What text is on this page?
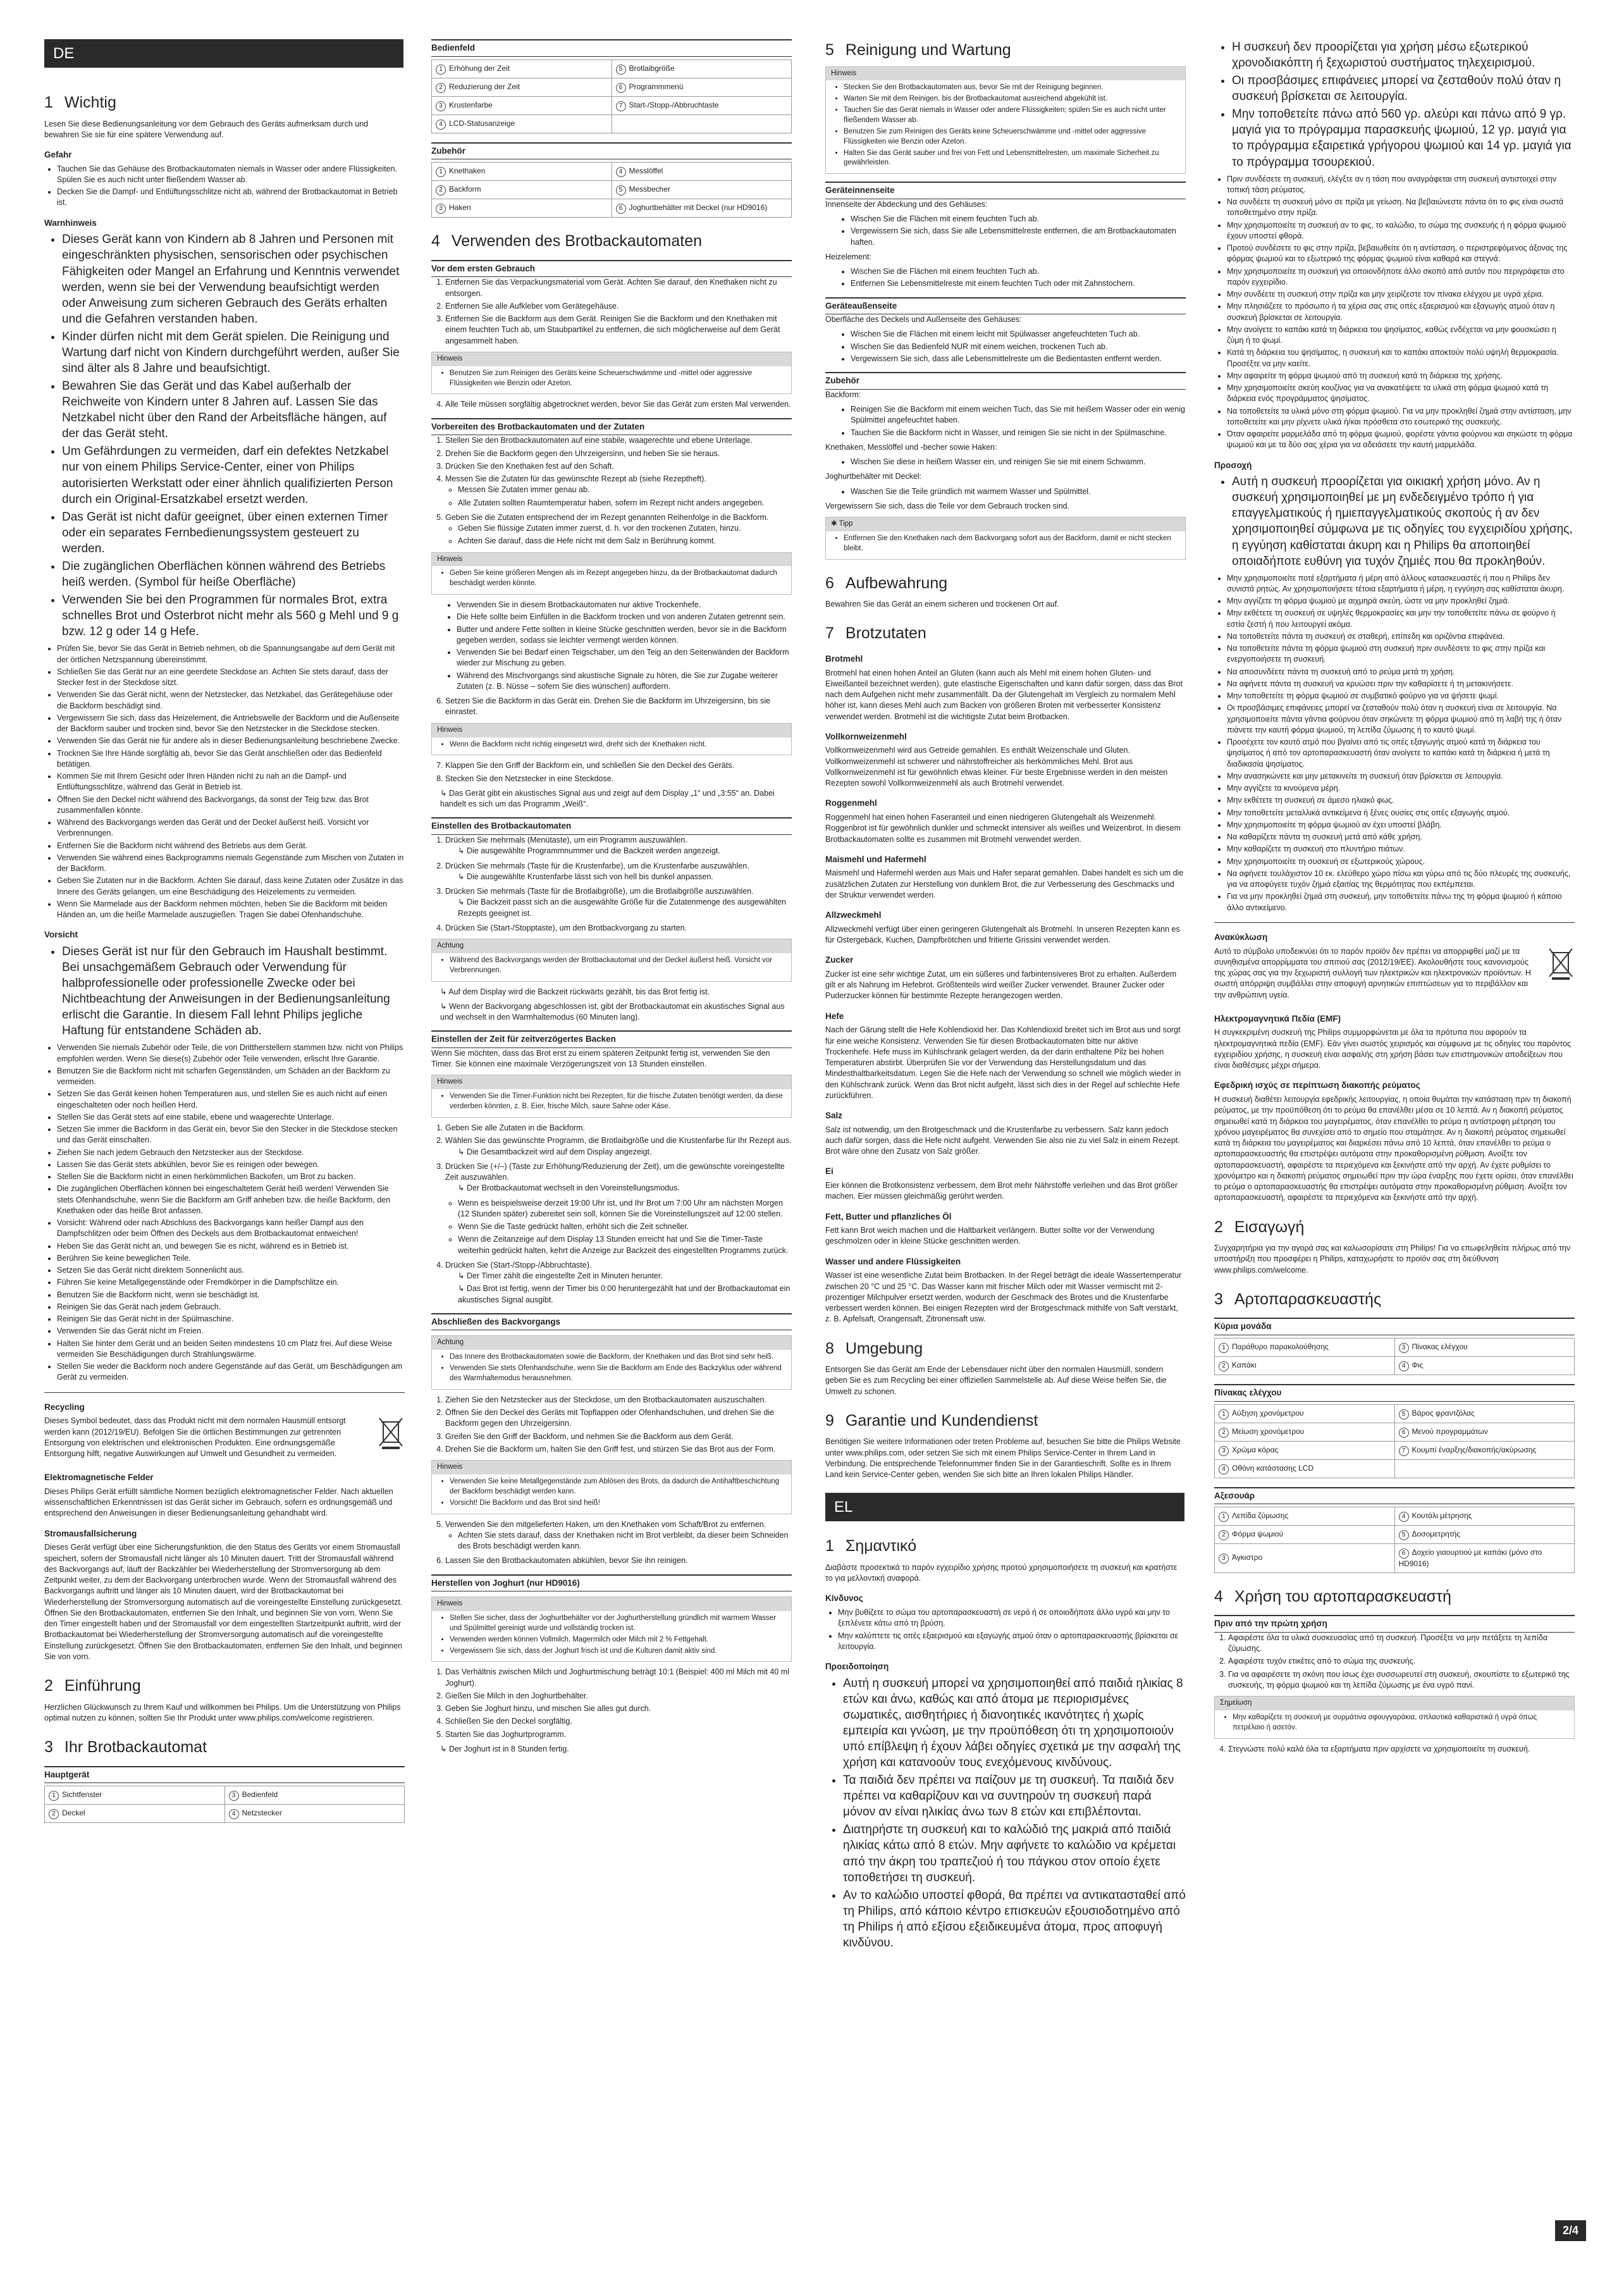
DE
1 Wichtig

Lesen Sie diese Bedienungsanleitung vor dem Gebrauch des Geräts aufmerksam durch und bewahren Sie sie für eine spätere Verwendung auf.

Gefahr
• Tauchen Sie das Gehäuse des Brotbackautomaten niemals in Wasser oder andere Flüssigkeiten. Spülen Sie es auch nicht unter fließendem Wasser ab.
• Decken Sie die Dampf- und Entlüftungsschlitze nicht ab, während der Brotbackautomat in Betrieb ist.
Warnhinweis
• Dieses Gerät kann von Kindern ab 8 Jahren und Personen mit eingeschränkten physischen, sensorischen oder psychischen Fähigkeiten oder Mangel an Erfahrung und Kenntnis verwendet werden, wenn sie bei der Verwendung beaufsichtigt werden oder Anweisung zum sicheren Gebrauch des Geräts erhalten und die Gefahren verstanden haben.
• Kinder dürfen nicht mit dem Gerät spielen. Die Reinigung und Wartung darf nicht von Kindern durchgeführt werden, außer Sie sind älter als 8 Jahre und beaufsichtigt.
• Bewahren Sie das Gerät und das Kabel außerhalb der Reichweite von Kindern unter 8 Jahren auf. Lassen Sie das Netzkabel nicht über den Rand der Arbeitsfläche hängen, auf der das Gerät steht.
• Um Gefährdungen zu vermeiden, darf ein defektes Netzkabel nur von einem Philips Service-Center, einer von Philips autorisierten Werkstatt oder einer ähnlich qualifizierten Person durch ein Original-Ersatzkabel ersetzt werden.
• Das Gerät ist nicht dafür geeignet, über einen externen Timer oder ein separates Fernbedienungssystem gesteuert zu werden.
• Die zugänglichen Oberflächen können während des Betriebs heiß werden. (Symbol für heiße Oberfläche)
• Verwenden Sie bei den Programmen für normales Brot, extra schnelles Brot und Osterbrot nicht mehr als 560 g Mehl und 9 g bzw. 12 g oder 14 g Hefe.
• Prüfen Sie, bevor Sie das Gerät in Betrieb nehmen, ob die Spannungsangabe auf dem Gerät mit der örtlichen Netzspannung übereinstimmt.
• Schließen Sie das Gerät nur an eine geerdete Steckdose an. Achten Sie stets darauf, dass der Stecker fest in der Steckdose sitzt.
• Verwenden Sie das Gerät nicht, wenn der Netzstecker, das Netzkabel, das Gerätegehäuse oder die Backform beschädigt sind.
• Vergewissern Sie sich, dass das Heizelement, die Antriebswelle der Backform und die Außenseite der Backform sauber und trocken sind, bevor Sie den Netzstecker in die Steckdose stecken.
• Verwenden Sie das Gerät nie für andere als in dieser Bedienungsanleitung beschriebene Zwecke.
• Trocknen Sie Ihre Hände sorgfältig ab, bevor Sie das Gerät anschließen oder das Bedienfeld betätigen.
• Kommen Sie mit Ihrem Gesicht oder Ihren Händen nicht zu nah an die Dampf- und Entlüftungsschlitze, während das Gerät in Betrieb ist.
• Öffnen Sie den Deckel nicht während des Backvorgangs, da sonst der Teig bzw. das Brot zusammenfallen könnte.
• Während des Backvorgangs werden das Gerät und der Deckel äußerst heiß. Vorsicht vor Verbrennungen.
• Entfernen Sie die Backform nicht während des Betriebs aus dem Gerät.
• Verwenden Sie während eines Backprogramms niemals Gegenstände zum Mischen von Zutaten in der Backform.
• Geben Sie Zutaten nur in die Backform. Achten Sie darauf, dass keine Zutaten oder Zusätze in das Innere des Geräts gelangen, um eine Beschädigung des Heizelements zu vermeiden.
• Wenn Sie Marmelade aus der Backform nehmen möchten, heben Sie die Backform mit beiden Händen an, um die heiße Marmelade auszugießen. Tragen Sie dabei Ofenhandschuhe.
Vorsicht
• Dieses Gerät ist nur für den Gebrauch im Haushalt bestimmt. Bei unsachgemäßem Gebrauch oder Verwendung für halbprofessionelle oder professionelle Zwecke oder bei Nichtbeachtung der Anweisungen in der Bedienungsanleitung erlischt die Garantie. In diesem Fall lehnt Philips jegliche Haftung für entstandene Schäden ab.
• Verwenden Sie niemals Zubehör oder Teile, die von Drittherstellern stammen bzw. nicht von Philips empfohlen werden. Wenn Sie diese(s) Zubehör oder Teile verwenden, erlischt Ihre Garantie.
• Benutzen Sie die Backform nicht mit scharfen Gegenständen, um Schäden an der Backform zu vermeiden.
• Setzen Sie das Gerät keinen hohen Temperaturen aus, und stellen Sie es auch nicht auf einen eingeschalteten oder noch heißen Herd.
• Stellen Sie das Gerät stets auf eine stabile, ebene und waagerechte Unterlage.
• Setzen Sie immer die Backform in das Gerät ein, bevor Sie den Stecker in die Steckdose stecken und das Gerät einschalten.
• Ziehen Sie nach jedem Gebrauch den Netzstecker aus der Steckdose.
• Lassen Sie das Gerät stets abkühlen, bevor Sie es reinigen oder bewegen.
• Stellen Sie die Backform nicht in einen herkömmlichen Backofen, um Brot zu backen.
• Die zugänglichen Oberflächen können bei eingeschaltetem Gerät heiß werden! Verwenden Sie stets Ofenhandschuhe, wenn Sie die Backform am Griff anheben bzw. die heiße Backform, den Knethaken oder das heiße Brot anfassen.
• Vorsicht: Während oder nach Abschluss des Backvorgangs kann heißer Dampf aus den Dampfschlitzen oder beim Öffnen des Deckels aus dem Brotbackautomat entweichen!
• Heben Sie das Gerät nicht an, und bewegen Sie es nicht, während es in Betrieb ist.
• Berühren Sie keine beweglichen Teile.
• Setzen Sie das Gerät nicht direktem Sonnenlicht aus.
• Führen Sie keine Metallgegenstände oder Fremdkörper in die Dampfschlitze ein.
• Benutzen Sie die Backform nicht, wenn sie beschädigt ist.
• Reinigen Sie das Gerät nach jedem Gebrauch.
• Reinigen Sie das Gerät nicht in der Spülmaschine.
• Verwenden Sie das Gerät nicht im Freien.
• Halten Sie hinter dem Gerät und an beiden Seiten mindestens 10 cm Platz frei. Auf diese Weise vermeiden Sie Beschädigungen durch Strahlungswärme.
• Stellen Sie weder die Backform noch andere Gegenstände auf das Gerät, um Beschädigungen am Gerät zu vermeiden.
Recycling

Dieses Symbol bedeutet, dass das Produkt nicht mit dem normalen Hausmüll entsorgt werden kann (2012/19/EU). Befolgen Sie die örtlichen Bestimmungen zur getrennten Entsorgung von elektrischen und elektronischen Produkten. Eine ordnungsgemäße Entsorgung hilft, negative Auswirkungen auf Umwelt und Gesundheit zu vermeiden.

Elektromagnetische Felder

Dieses Philips Gerät erfüllt sämtliche Normen bezüglich elektromagnetischer Felder. Nach aktuellen wissenschaftlichen Erkenntnissen ist das Gerät sicher im Gebrauch, sofern es ordnungsgemäß und entsprechend den Anweisungen in dieser Bedienungsanleitung gehandhabt wird.

Stromausfallsicherung

Dieses Gerät verfügt über eine Sicherungsfunktion, die den Status des Geräts vor einem Stromausfall speichert, sofern der Stromausfall nicht länger als 10 Minuten dauert. Tritt der Stromausfall während des Backvorgangs auf, läuft der Backzähler bei Wiederherstellung der Stromversorgung ab dem Zeitpunkt weiter, zu dem der Backvorgang unterbrochen wurde. Wenn der Stromausfall während des Backvorgangs auftritt und länger als 10 Minuten dauert, wird der Brotbackautomat bei Wiederherstellung der Stromversorgung automatisch auf die voreingestellte Einstellung zurückgesetzt. Öffnen Sie den Brotbackautomaten, entfernen Sie den Inhalt, und beginnen Sie von vorn. Wenn Sie den Timer eingestellt haben und der Stromausfall vor dem eingestellten Startzeitpunkt auftritt, wird der Brotbackautomat bei Wiederherstellung der Stromversorgung automatisch auf die voreingestellte Einstellung zurückgesetzt. Öffnen Sie den Brotbackautomaten, entfernen Sie den Inhalt, und beginnen Sie von vorn.

2 Einführung

Herzlichen Glückwunsch zu Ihrem Kauf und willkommen bei Philips. Um die Unterstützung von Philips optimal nutzen zu können, sollten Sie Ihr Produkt unter www.philips.com/welcome registrieren.

3 Ihr Brotbackautomat
Hauptgerät
1 Sichtfenster	3 Bedienfeld
2 Deckel	4 Netzstecker
Bedienfeld
1 Erhöhung der Zeit	5 Brotlaibgröße
2 Reduzierung der Zeit	6 Programmmenü
3 Krustenfarbe	7 Start-/Stopp-/Abbruchtaste
4 LCD-Statusanzeige	
Zubehör
1 Knethaken	4 Messlöffel
2 Backform	5 Messbecher
3 Haken	6 Joghurtbehälter mit Deckel (nur HD9016)
4 Verwenden des Brotbackautomaten
Vor dem ersten Gebrauch
1. Entfernen Sie das Verpackungsmaterial vom Gerät. Achten Sie darauf, den Knethaken nicht zu entsorgen.
2. Entfernen Sie alle Aufkleber vom Gerätegehäuse.
3. Entfernen Sie die Backform aus dem Gerät. Reinigen Sie die Backform und den Knethaken mit einem feuchten Tuch ab, um Staubpartikel zu entfernen, die sich möglicherweise auf dem Gerät angesammelt haben.
Hinweis
• Benutzen Sie zum Reinigen des Geräts keine Scheuerschwämme und -mittel oder aggressive Flüssigkeiten wie Benzin oder Azeton.
4. Alle Teile müssen sorgfältig abgetrocknet werden, bevor Sie das Gerät zum ersten Mal verwenden.
Vorbereiten des Brotbackautomaten und der Zutaten
1. Stellen Sie den Brotbackautomaten auf eine stabile, waagerechte und ebene Unterlage.
2. Drehen Sie die Backform gegen den Uhrzeigersinn, und heben Sie sie heraus.
3. Drücken Sie den Knethaken fest auf den Schaft.
4. Messen Sie die Zutaten für das gewünschte Rezept ab (siehe Rezeptheft).
◦ Messen Sie Zutaten immer genau ab.
◦ Alle Zutaten sollten Raumtemperatur haben, sofern im Rezept nicht anders angegeben.
5. Geben Sie die Zutaten entsprechend der im Rezept genannten Reihenfolge in die Backform.
◦ Geben Sie flüssige Zutaten immer zuerst, d. h. vor den trockenen Zutaten, hinzu.
◦ Achten Sie darauf, dass die Hefe nicht mit dem Salz in Berührung kommt.
Hinweis
• Geben Sie keine größeren Mengen als im Rezept angegeben hinzu, da der Brotbackautomat dadurch beschädigt werden könnte.
• Verwenden Sie in diesem Brotbackautomaten nur aktive Trockenhefe.
• Die Hefe sollte beim Einfüllen in die Backform trocken und von anderen Zutaten getrennt sein.
• Butter und andere Fette sollten in kleine Stücke geschnitten werden, bevor sie in die Backform gegeben werden, sodass sie leichter vermengt werden können.
• Verwenden Sie bei Bedarf einen Teigschaber, um den Teig an den Seitenwänden der Backform wieder zur Mischung zu geben.
• Während des Mischvorgangs sind akustische Signale zu hören, die Sie zur Zugabe weiterer Zutaten (z. B. Nüsse – sofern Sie dies wünschen) auffordern.
6. Setzen Sie die Backform in das Gerät ein. Drehen Sie die Backform im Uhrzeigersinn, bis sie einrastet.
Hinweis
• Wenn die Backform nicht richtig eingesetzt wird, dreht sich der Knethaken nicht.
7. Klappen Sie den Griff der Backform ein, und schließen Sie den Deckel des Geräts.
8. Stecken Sie den Netzstecker in eine Steckdose.

↳ Das Gerät gibt ein akustisches Signal aus und zeigt auf dem Display „1“ und „3:55“ an. Dabei handelt es sich um das Programm „Weiß“.

Einstellen des Brotbackautomaten
1. Drücken Sie mehrmals (Menütaste), um ein Programm auszuwählen.
↳ Die ausgewählte Programmnummer und die Backzeit werden angezeigt.
2. Drücken Sie mehrmals (Taste für die Krustenfarbe), um die Krustenfarbe auszuwählen.
↳ Die ausgewählte Krustenfarbe lässt sich von hell bis dunkel anpassen.
3. Drücken Sie mehrmals (Taste für die Brotlaibgröße), um die Brotlaibgröße auszuwählen.
↳ Die Backzeit passt sich an die ausgewählte Größe für die Zutatenmenge des ausgewählten Rezepts geeignet ist.
4. Drücken Sie (Start-/Stopptaste), um den Brotbackvorgang zu starten.
Achtung
• Während des Backvorgangs werden der Brotbackautomat und der Deckel äußerst heiß. Vorsicht vor Verbrennungen.

↳ Auf dem Display wird die Backzeit rückwärts gezählt, bis das Brot fertig ist.

↳ Wenn der Backvorgang abgeschlossen ist, gibt der Brotbackautomat ein akustisches Signal aus und wechselt in den Warmhaltemodus (60 Minuten lang).

Einstellen der Zeit für zeitverzögertes Backen

Wenn Sie möchten, dass das Brot erst zu einem späteren Zeitpunkt fertig ist, verwenden Sie den Timer. Sie können eine maximale Verzögerungszeit von 13 Stunden einstellen.

Hinweis
• Verwenden Sie die Timer-Funktion nicht bei Rezepten, für die frische Zutaten benötigt werden, da diese verderben könnten, z. B. Eier, frische Milch, saure Sahne oder Käse.
1. Geben Sie alle Zutaten in die Backform.
2. Wählen Sie das gewünschte Programm, die Brotlaibgröße und die Krustenfarbe für Ihr Rezept aus.
↳ Die Gesamtbackzeit wird auf dem Display angezeigt.
3. Drücken Sie (+/–) (Taste zur Erhöhung/Reduzierung der Zeit), um die gewünschte voreingestellte Zeit auszuwählen.
↳ Der Brotbackautomat wechselt in den Voreinstellungsmodus.
◦ Wenn es beispielsweise derzeit 19:00 Uhr ist, und Ihr Brot um 7:00 Uhr am nächsten Morgen (12 Stunden später) zubereitet sein soll, können Sie die Voreinstellungszeit auf 12:00 stellen.
◦ Wenn Sie die Taste gedrückt halten, erhöht sich die Zeit schneller.
◦ Wenn die Zeitanzeige auf dem Display 13 Stunden erreicht hat und Sie die Timer-Taste weiterhin gedrückt halten, kehrt die Anzeige zur Backzeit des eingestellten Programms zurück.
4. Drücken Sie (Start-/Stopp-/Abbruchtaste).
↳ Der Timer zählt die eingestellte Zeit in Minuten herunter.
↳ Das Brot ist fertig, wenn der Timer bis 0:00 heruntergezählt hat und der Brotbackautomat ein akustisches Signal ausgibt.
Abschließen des Backvorgangs
Achtung
• Das Innere des Brotbackautomaten sowie die Backform, der Knethaken und das Brot sind sehr heiß.
• Verwenden Sie stets Ofenhandschuhe, wenn Sie die Backform am Ende des Backzyklus oder während des Warmhaltemodus herausnehmen.
1. Ziehen Sie den Netzstecker aus der Steckdose, um den Brotbackautomaten auszuschalten.
2. Öffnen Sie den Deckel des Geräts mit Topflappen oder Ofenhandschuhen, und drehen Sie die Backform gegen den Uhrzeigersinn.
3. Greifen Sie den Griff der Backform, und nehmen Sie die Backform aus dem Gerät.
4. Drehen Sie die Backform um, halten Sie den Griff fest, und stürzen Sie das Brot aus der Form.
Hinweis
• Verwenden Sie keine Metallgegenstände zum Ablösen des Brots, da dadurch die Antihaftbeschichtung der Backform beschädigt werden kann.
• Vorsicht! Die Backform und das Brot sind heiß!
5. Verwenden Sie den mitgelieferten Haken, um den Knethaken vom Schaft/Brot zu entfernen.
◦ Achten Sie stets darauf, dass der Knethaken nicht im Brot verbleibt, da dieser beim Schneiden des Brots beschädigt werden kann.
6. Lassen Sie den Brotbackautomaten abkühlen, bevor Sie ihn reinigen.
Herstellen von Joghurt (nur HD9016)
Hinweis
• Stellen Sie sicher, dass der Joghurtbehälter vor der Joghurtherstellung gründlich mit warmem Wasser und Spülmittel gereinigt wurde und vollständig trocken ist.
• Verwenden werden können Vollmilch, Magermilch oder Milch mit 2 % Fettgehalt.
• Vergewissern Sie sich, dass der Joghurt frisch ist und die Kulturen damit aktiv sind.
1. Das Verhältnis zwischen Milch und Joghurtmischung beträgt 10:1 (Beispiel: 400 ml Milch mit 40 ml Joghurt).
2. Gießen Sie Milch in den Joghurtbehälter.
3. Geben Sie Joghurt hinzu, und mischen Sie alles gut durch.
4. Schließen Sie den Deckel sorgfältig.
5. Starten Sie das Joghurtprogramm.

↳ Der Joghurt ist in 8 Stunden fertig.

5 Reinigung und Wartung
Hinweis
• Stecken Sie den Brotbackautomaten aus, bevor Sie mit der Reinigung beginnen.
• Warten Sie mit dem Reinigen, bis der Brotbackautomat ausreichend abgekühlt ist.
• Tauchen Sie das Gerät niemals in Wasser oder andere Flüssigkeiten; spülen Sie es auch nicht unter fließendem Wasser ab.
• Benutzen Sie zum Reinigen des Geräts keine Scheuerschwämme und -mittel oder aggressive Flüssigkeiten wie Benzin oder Azeton.
• Halten Sie das Gerät sauber und frei von Fett und Lebensmittelresten, um maximale Sicherheit zu gewährleisten.
Geräteinnenseite

Innenseite der Abdeckung und des Gehäuses:

• Wischen Sie die Flächen mit einem feuchten Tuch ab.
• Vergewissern Sie sich, dass Sie alle Lebensmittelreste entfernen, die am Brotbackautomaten haften.

Heizelement:

• Wischen Sie die Flächen mit einem feuchten Tuch ab.
• Entfernen Sie Lebensmittelreste mit einem feuchten Tuch oder mit Zahnstochern.
Geräteaußenseite

Oberfläche des Deckels und Außenseite des Gehäuses:

• Wischen Sie die Flächen mit einem leicht mit Spülwasser angefeuchteten Tuch ab.
• Wischen Sie das Bedienfeld NUR mit einem weichen, trockenen Tuch ab.
• Vergewissern Sie sich, dass alle Lebensmittelreste um die Bedientasten entfernt werden.
Zubehör

Backform:

• Reinigen Sie die Backform mit einem weichen Tuch, das Sie mit heißem Wasser oder ein wenig Spülmittel angefeuchtet haben.
• Tauchen Sie die Backform nicht in Wasser, und reinigen Sie sie nicht in der Spülmaschine.

Knethaken, Messlöffel und -becher sowie Haken:

• Wischen Sie diese in heißem Wasser ein, und reinigen Sie sie mit einem Schwamm.

Joghurtbehälter mit Deckel:

• Waschen Sie die Teile gründlich mit warmem Wasser und Spülmittel.

Vergewissern Sie sich, dass die Teile vor dem Gebrauch trocken sind.

✱ Tipp
• Entfernen Sie den Knethaken nach dem Backvorgang sofort aus der Backform, damit er nicht stecken bleibt.
6 Aufbewahrung

Bewahren Sie das Gerät an einem sicheren und trockenen Ort auf.

7 Brotzutaten
Brotmehl

Brotmehl hat einen hohen Anteil an Gluten (kann auch als Mehl mit einem hohen Gluten- und Eiweißanteil bezeichnet werden), gute elastische Eigenschaften und kann dafür sorgen, dass das Brot nach dem Aufgehen nicht mehr zusammenfällt. Da der Glutengehalt im Vergleich zu normalem Mehl höher ist, kann dieses Mehl auch zum Backen von größeren Broten mit verbesserter Konsistenz verwendet werden. Brotmehl ist die wichtigste Zutat beim Brotbacken.

Vollkornweizenmehl

Vollkornweizenmehl wird aus Getreide gemahlen. Es enthält Weizenschale und Gluten. Vollkornweizenmehl ist schwerer und nährstoffreicher als herkömmliches Mehl. Brot aus Vollkornweizenmehl ist für gewöhnlich etwas kleiner. Für beste Ergebnisse werden in den meisten Rezepten sowohl Vollkornweizenmehl als auch Brotmehl verwendet.

Roggenmehl

Roggenmehl hat einen hohen Faseranteil und einen niedrigeren Glutengehalt als Weizenmehl. Roggenbrot ist für gewöhnlich dunkler und schmeckt intensiver als weißes und Weizenbrot. In diesem Brotbackautomaten sollte es zusammen mit Brotmehl verwendet werden.

Maismehl und Hafermehl

Maismehl und Hafermehl werden aus Mais und Hafer separat gemahlen. Dabei handelt es sich um die zusätzlichen Zutaten zur Herstellung von dunklem Brot, die zur Verbesserung des Geschmacks und der Struktur verwendet werden.

Allzweckmehl

Allzweckmehl verfügt über einen geringeren Glutengehalt als Brotmehl. In unseren Rezepten kann es für Ostergebäck, Kuchen, Dampfbrötchen und fritierte Grissini verwendet werden.

Zucker

Zucker ist eine sehr wichtige Zutat, um ein süßeres und farbintensiveres Brot zu erhalten. Außerdem gilt er als Nahrung im Hefebrot. Größtenteils wird weißer Zucker verwendet. Brauner Zucker oder Puderzucker können für bestimmte Rezepte herangezogen werden.

Hefe

Nach der Gärung stellt die Hefe Kohlendioxid her. Das Kohlendioxid breitet sich im Brot aus und sorgt für eine weiche Konsistenz. Verwenden Sie für diesen Brotbackautomaten bitte nur aktive Trockenhefe. Hefe muss im Kühlschrank gelagert werden, da der darin enthaltene Pilz bei hohen Temperaturen abstirbt. Überprüfen Sie vor der Verwendung das Herstellungsdatum und das Mindesthaltbarkeitsdatum. Legen Sie die Hefe nach der Verwendung so schnell wie möglich wieder in den Kühlschrank zurück. Wenn das Brot nicht aufgeht, lässt sich dies in der Regel auf schlechte Hefe zurückführen.

Salz

Salz ist notwendig, um den Brotgeschmack und die Krustenfarbe zu verbessern. Salz kann jedoch auch dafür sorgen, dass die Hefe nicht aufgeht. Verwenden Sie also nie zu viel Salz in einem Rezept. Brot wäre ohne den Zusatz von Salz größer.

Ei

Eier können die Brotkonsistenz verbessern, dem Brot mehr Nährstoffe verleihen und das Brot größer machen. Eier müssen gleichmäßig gerührt werden.

Fett, Butter und pflanzliches Öl

Fett kann Brot weich machen und die Haltbarkeit verlängern. Butter sollte vor der Verwendung geschmolzen oder in kleine Stücke geschnitten werden.

Wasser und andere Flüssigkeiten

Wasser ist eine wesentliche Zutat beim Brotbacken. In der Regel beträgt die ideale Wassertemperatur zwischen 20 °C und 25 °C. Das Wasser kann mit frischer Milch oder mit Wasser vermischt mit 2-prozentiger Milchpulver ersetzt werden, wodurch der Geschmack des Brotes und die Krustenfarbe verbessert werden können. Bei einigen Rezepten wird der Brotgeschmack mithilfe von Saft verstärkt, z. B. Apfelsaft, Orangensaft, Zitronensaft usw.

8 Umgebung

Entsorgen Sie das Gerät am Ende der Lebensdauer nicht über den normalen Hausmüll, sondern geben Sie es zum Recycling bei einer offiziellen Sammelstelle ab. Auf diese Weise helfen Sie, die Umwelt zu schonen.

9 Garantie und Kundendienst

Benötigen Sie weitere Informationen oder treten Probleme auf, besuchen Sie bitte die Philips Website unter www.philips.com, oder setzen Sie sich mit einem Philips Service-Center in Ihrem Land in Verbindung. Die entsprechende Telefonnummer finden Sie in der Garantieschrift. Sollte es in Ihrem Land kein Service-Center geben, wenden Sie sich bitte an Ihren lokalen Philips Händler.

EL
1 Σημαντικό

Διαβάστε προσεκτικά το παρόν εγχειρίδιο χρήσης προτού χρησιμοποιήσετε τη συσκευή και κρατήστε το για μελλοντική αναφορά.

Κίνδυνος
• Μην βυθίζετε το σώμα του αρτοπαρασκευαστή σε νερό ή σε οποιοδήποτε άλλο υγρό και μην το ξεπλένετε κάτω από τη βρύση.
• Μην καλύπτετε τις οπές εξαερισμού και εξαγωγής ατμού όταν ο αρτοπαρασκευαστής βρίσκεται σε λειτουργία.
Προειδοποίηση
• Αυτή η συσκευή μπορεί να χρησιμοποιηθεί από παιδιά ηλικίας 8 ετών και άνω, καθώς και από άτομα με περιορισμένες σωματικές, αισθητήριες ή διανοητικές ικανότητες ή χωρίς εμπειρία και γνώση, με την προϋπόθεση ότι τη χρησιμοποιούν υπό επίβλεψη ή έχουν λάβει οδηγίες σχετικά με την ασφαλή της χρήση και κατανοούν τους ενεχόμενους κινδύνους.
• Τα παιδιά δεν πρέπει να παίζουν με τη συσκευή. Τα παιδιά δεν πρέπει να καθαρίζουν και να συντηρούν τη συσκευή παρά μόνον αν είναι ηλικίας άνω των 8 ετών και επιβλέπονται.
• Διατηρήστε τη συσκευή και το καλώδιό της μακριά από παιδιά ηλικίας κάτω από 8 ετών. Μην αφήνετε το καλώδιο να κρέμεται από την άκρη του τραπεζιού ή του πάγκου στον οποίο έχετε τοποθετήσει τη συσκευή.
• Αν το καλώδιο υποστεί φθορά, θα πρέπει να αντικατασταθεί από τη Philips, από κάποιο κέντρο επισκευών εξουσιοδοτημένο από τη Philips ή από εξίσου εξειδικευμένα άτομα, προς αποφυγή κινδύνου.
• Η συσκευή δεν προορίζεται για χρήση μέσω εξωτερικού χρονοδιακόπτη ή ξεχωριστού συστήματος τηλεχειρισμού.
• Οι προσβάσιμες επιφάνειες μπορεί να ζεσταθούν πολύ όταν η συσκευή βρίσκεται σε λειτουργία.
• Μην τοποθετείτε πάνω από 560 γρ. αλεύρι και πάνω από 9 γρ. μαγιά για το πρόγραμμα παρασκευής ψωμιού, 12 γρ. μαγιά για το πρόγραμμα εξαιρετικά γρήγορου ψωμιού και 14 γρ. μαγιά για το πρόγραμμα τσουρεκιού.
• Πριν συνδέσετε τη συσκευή, ελέγξτε αν η τάση που αναγράφεται στη συσκευή αντιστοιχεί στην τοπική τάση ρεύματος.
• Να συνδέετε τη συσκευή μόνο σε πρίζα με γείωση. Να βεβαιώνεστε πάντα ότι το φις είναι σωστά τοποθετημένο στην πρίζα.
• Μην χρησιμοποιείτε τη συσκευή αν το φις, το καλώδιο, το σώμα της συσκευής ή η φόρμα ψωμιού έχουν υποστεί φθορά.
• Προτού συνδέσετε το φις στην πρίζα, βεβαιωθείτε ότι η αντίσταση, ο περιστρεφόμενος άξονας της φόρμας ψωμιού και το εξωτερικό της φόρμας ψωμιού είναι καθαρά και στεγνά.
• Μην χρησιμοποιείτε τη συσκευή για οποιονδήποτε άλλο σκοπό από αυτόν που περιγράφεται στο παρόν εγχειρίδιο.
• Μην συνδέετε τη συσκευή στην πρίζα και μην χειρίζεστε τον πίνακα ελέγχου με υγρά χέρια.
• Μην πλησιάζετε το πρόσωπο ή τα χέρια σας στις οπές εξαερισμού και εξαγωγής ατμού όταν η συσκευή βρίσκεται σε λειτουργία.
• Μην ανοίγετε το καπάκι κατά τη διάρκεια του ψησίματος, καθώς ενδέχεται να μην φουσκώσει η ζύμη ή το ψωμί.
• Κατά τη διάρκεια του ψησίματος, η συσκευή και το καπάκι αποκτούν πολύ υψηλή θερμοκρασία. Προσέξτε να μην καείτε.
• Μην αφαιρείτε τη φόρμα ψωμιού από τη συσκευή κατά τη διάρκεια της χρήσης.
• Μην χρησιμοποιείτε σκεύη κουζίνας για να ανακατέψετε τα υλικά στη φόρμα ψωμιού κατά τη διάρκεια ενός προγράμματος ψησίματος.
• Να τοποθετείτε τα υλικά μόνο στη φόρμα ψωμιού. Για να μην προκληθεί ζημιά στην αντίσταση, μην τοποθετείτε και μην ρίχνετε υλικά ή/και πρόσθετα στο εσωτερικό της συσκευής.
• Όταν αφαιρείτε μαρμελάδα από τη φόρμα ψωμιού, φορέστε γάντια φούρνου και σηκώστε τη φόρμα ψωμιού και με τα δύο σας χέρια για να αδειάσετε την καυτή μαρμελάδα.
Προσοχή
• Αυτή η συσκευή προορίζεται για οικιακή χρήση μόνο. Αν η συσκευή χρησιμοποιηθεί με μη ενδεδειγμένο τρόπο ή για επαγγελματικούς ή ημιεπαγγελματικούς σκοπούς ή αν δεν χρησιμοποιηθεί σύμφωνα με τις οδηγίες του εγχειριδίου χρήσης, η εγγύηση καθίσταται άκυρη και η Philips θα αποποιηθεί οποιαδήποτε ευθύνη για τυχόν ζημιές που θα προκληθούν.
• Μην χρησιμοποιείτε ποτέ εξαρτήματα ή μέρη από άλλους κατασκευαστές ή που η Philips δεν συνιστά ρητώς. Αν χρησιμοποιήσετε τέτοια εξαρτήματα ή μέρη, η εγγύηση σας καθίσταται άκυρη.
• Μην αγγίζετε τη φόρμα ψωμιού με αιχμηρά σκεύη, ώστε να μην προκληθεί ζημιά.
• Μην εκθέτετε τη συσκευή σε υψηλές θερμοκρασίες και μην την τοποθετείτε πάνω σε φούρνο ή εστία ζεστή ή που λειτουργεί ακόμα.
• Να τοποθετείτε πάντα τη συσκευή σε σταθερή, επίπεδη και οριζόντια επιφάνεια.
• Να τοποθετείτε πάντα τη φόρμα ψωμιού στη συσκευή πριν συνδέσετε το φις στην πρίζα και ενεργοποιήσετε τη συσκευή.
• Να αποσυνδέετε πάντα τη συσκευή από το ρεύμα μετά τη χρήση.
• Να αφήνετε πάντα τη συσκευή να κρυώσει πριν την καθαρίσετε ή τη μετακινήσετε.
• Μην τοποθετείτε τη φόρμα ψωμιού σε συμβατικό φούρνο για να ψήσετε ψωμί.
• Οι προσβάσιμες επιφάνειες μπορεί να ζεσταθούν πολύ όταν η συσκευή είναι σε λειτουργία. Να χρησιμοποιείτε πάντα γάντια φούρνου όταν σηκώνετε τη φόρμα ψωμιού από τη λαβή της ή όταν πιάνετε την καυτή φόρμα ψωμιού, τη λεπίδα ζύμωσης ή το καυτό ψωμί.
• Προσέχετε τον καυτό ατμό που βγαίνει από τις οπές εξαγωγής ατμού κατά τη διάρκεια του ψησίματος ή από τον αρτοπαρασκευαστή όταν ανοίγετε το καπάκι κατά τη διάρκεια ή μετά τη διαδικασία ψησίματος.
• Μην ανασηκώνετε και μην μετακινείτε τη συσκευή όταν βρίσκεται σε λειτουργία.
• Μην αγγίζετε τα κινούμενα μέρη.
• Μην εκθέτετε τη συσκευή σε άμεσο ηλιακό φως.
• Μην τοποθετείτε μεταλλικά αντικείμενα ή ξένες ουσίες στις οπές εξαγωγής ατμού.
• Μην χρησιμοποιείτε τη φόρμα ψωμιού αν έχει υποστεί βλάβη.
• Να καθαρίζετε πάντα τη συσκευή μετά από κάθε χρήση.
• Μην καθαρίζετε τη συσκευή στο πλυντήριο πιάτων.
• Μην χρησιμοποιείτε τη συσκευή σε εξωτερικούς χώρους.
• Να αφήνετε τουλάχιστον 10 εκ. ελεύθερο χώρο πίσω και γύρω από τις δύο πλευρές της συσκευής, για να αποφύγετε τυχόν ζημιά εξαιτίας της θερμότητας που εκπέμπεται.
• Για να μην προκληθεί ζημιά στη συσκευή, μην τοποθετείτε πάνω της τη φόρμα ψωμιού ή κάποιο άλλο αντικείμενο.
Ανακύκλωση

Αυτό το σύμβολο υποδεικνύει ότι το παρόν προϊόν δεν πρέπει να απορριφθεί μαζί με τα συνηθισμένα απορρίμματα του σπιτιού σας (2012/19/ΕΕ). Ακολουθήστε τους κανονισμούς της χώρας σας για την ξεχωριστή συλλογή των ηλεκτρικών και ηλεκτρονικών προϊόντων. Η σωστή απόρριψη συμβάλλει στην αποφυγή αρνητικών επιπτώσεων για το περιβάλλον και την ανθρώπινη υγεία.

Ηλεκτρομαγνητικά Πεδία (EMF)

Η συγκεκριμένη συσκευή της Philips συμμορφώνεται με όλα τα πρότυπα που αφορούν τα ηλεκτρομαγνητικά πεδία (EMF). Εάν γίνει σωστός χειρισμός και σύμφωνα με τις οδηγίες του παρόντος εγχειριδίου χρήσης, η συσκευή είναι ασφαλής στη χρήση βάσει των επιστημονικών αποδείξεων που είναι διαθέσιμες μέχρι σήμερα.

Εφεδρική ισχύς σε περίπτωση διακοπής ρεύματος

Η συσκευή διαθέτει λειτουργία εφεδρικής λειτουργίας, η οποία θυμάται την κατάσταση πριν τη διακοπή ρεύματος, με την προϋπόθεση ότι το ρεύμα θα επανέλθει μέσα σε 10 λεπτά. Αν η διακοπή ρεύματος σημειωθεί κατά τη διάρκεια του μαγειρέματος, όταν επανέλθει το ρεύμα η αντίστροφη μέτρηση του χρόνου μαγειρέματος θα συνεχίσει από το σημείο που σταμάτησε. Αν η διακοπή ρεύματος σημειωθεί κατά τη διάρκεια του μαγειρέματος και διαρκέσει πάνω από 10 λεπτά, όταν επανέλθει το ρεύμα ο αρτοπαρασκευαστής θα επιστρέψει αυτόματα στην προκαθορισμένη ρύθμιση. Ανοίξτε τον αρτοπαρασκευαστή, αφαιρέστε τα περιεχόμενα και ξεκινήστε από την αρχή. Αν έχετε ρυθμίσει το χρονόμετρο και η διακοπή ρεύματος σημειωθεί πριν την ώρα έναρξης που έχετε ορίσει, όταν επανέλθει το ρεύμα ο αρτοπαρασκευαστής θα επιστρέψει αυτόματα στην προκαθορισμένη ρύθμιση. Ανοίξτε τον αρτοπαρασκευαστή, αφαιρέστε τα περιεχόμενα και ξεκινήστε από την αρχή.

2 Εισαγωγή

Συγχαρητήρια για την αγορά σας και καλωσορίσατε στη Philips! Για να επωφεληθείτε πλήρως από την υποστήριξη που προσφέρει η Philips, καταχωρήστε το προϊόν σας στη διεύθυνση www.philips.com/welcome.

3 Αρτοπαρασκευαστής
Κύρια μονάδα
1 Παράθυρο παρακολούθησης	3 Πίνακας ελέγχου
2 Καπάκι	4 Φις
Πίνακας ελέγχου
1 Αύξηση χρονόμετρου	5 Βάρος φραντζόλας
2 Μείωση χρονόμετρου	6 Μενού προγραμμάτων
3 Χρώμα κόρας	7 Κουμπί έναρξης/διακοπής/ακύρωσης
4 Οθόνη κατάστασης LCD	
Αξεσουάρ
1 Λεπίδα ζύμωσης	4 Κουτάλι μέτρησης
2 Φόρμα ψωμιού	5 Δοσομετρητής
3 Άγκιστρο	6 Δοχείο γιαουρτιού με καπάκι (μόνο στο HD9016)
4 Χρήση του αρτοπαρασκευαστή
Πριν από την πρώτη χρήση
1. Αφαιρέστε όλα τα υλικά συσκευασίας από τη συσκευή. Προσέξτε να μην πετάξετε τη λεπίδα ζύμωσης.
2. Αφαιρέστε τυχόν ετικέτες από το σώμα της συσκευής.
3. Για να αφαιρέσετε τη σκόνη που ίσως έχει συσσωρευτεί στη συσκευή, σκουπίστε το εξωτερικό της συσκευής, τη φόρμα ψωμιού και τη λεπίδα ζύμωσης με ένα υγρό πανί.
Σημείωση
• Μην καθαρίζετε τη συσκευή με συρμάτινα σφουγγαράκια, σπλαυτικά καθαριστικά ή υγρά όπως πετρέλαιο ή ασετόν.
4. Στεγνώστε πολύ καλά όλα τα εξαρτήματα πριν αρχίσετε να χρησιμοποιείτε τη συσκευή.
2/4
